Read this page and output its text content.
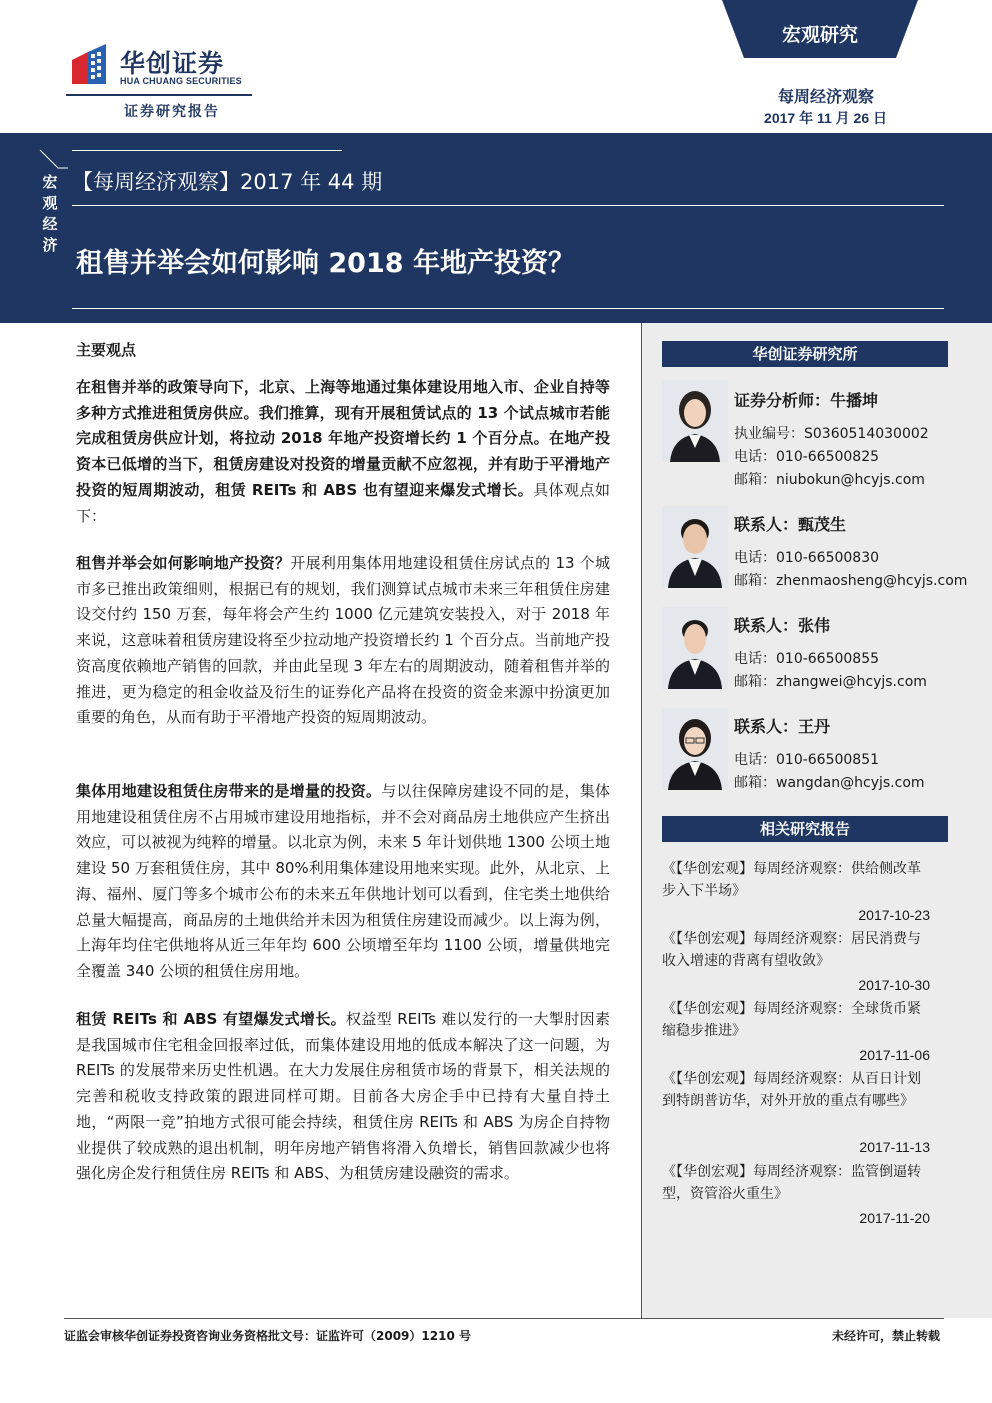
华创证券
HUA CHUANG SECURITIES
证券研究报告
宏观研究
每周经济观察
2017 年 11 月 26 日
宏观经济
【每周经济观察】2017 年 44 期
租售并举会如何影响 2018 年地产投资？
主要观点
在租售并举的政策导向下，北京、上海等地通过集体建设用地入市、企业自持等多种方式推进租赁房供应。我们推算，现有开展租赁试点的 13 个试点城市若能完成租赁房供应计划，将拉动 2018 年地产投资增长约 1 个百分点。在地产投资本已低增的当下，租赁房建设对投资的增量贡献不应忽视，并有助于平滑地产投资的短周期波动，租赁 REITs 和 ABS 也有望迎来爆发式增长。具体观点如下：
租售并举会如何影响地产投资？开展利用集体用地建设租赁住房试点的 13 个城市多已推出政策细则，根据已有的规划，我们测算试点城市未来三年租赁住房建设交付约 150 万套，每年将会产生约 1000 亿元建筑安装投入，对于 2018 年来说，这意味着租赁房建设将至少拉动地产投资增长约 1 个百分点。当前地产投资高度依赖地产销售的回款，并由此呈现 3 年左右的周期波动，随着租售并举的推进，更为稳定的租金收益及衍生的证券化产品将在投资的资金来源中扮演更加重要的角色，从而有助于平滑地产投资的短周期波动。
集体用地建设租赁住房带来的是增量的投资。与以往保障房建设不同的是，集体用地建设租赁住房不占用城市建设用地指标，并不会对商品房土地供应产生挤出效应，可以被视为纯粹的增量。以北京为例，未来 5 年计划供地 1300 公顷土地建设 50 万套租赁住房，其中 80%利用集体建设用地来实现。此外，从北京、上海、福州、厦门等多个城市公布的未来五年供地计划可以看到，住宅类土地供给总量大幅提高，商品房的土地供给并未因为租赁住房建设而减少。以上海为例，上海年均住宅供地将从近三年年均 600 公顷增至年均 1100 公顷，增量供地完全覆盖 340 公顷的租赁住房用地。
租赁 REITs 和 ABS 有望爆发式增长。权益型 REITs 难以发行的一大掣肘因素是我国城市住宅租金回报率过低，而集体建设用地的低成本解决了这一问题，为 REITs 的发展带来历史性机遇。在大力发展住房租赁市场的背景下，相关法规的完善和税收支持政策的跟进同样可期。目前各大房企手中已持有大量自持土地，“两限一竞”拍地方式很可能会持续，租赁住房 REITs 和 ABS 为房企自持物业提供了较成熟的退出机制，明年房地产销售将滑入负增长，销售回款减少也将强化房企发行租赁住房 REITs 和 ABS、为租赁房建设融资的需求。
华创证券研究所
证券分析师：牛播坤
执业编号：S0360514030002
电话：010-66500825
邮箱：niubokun@hcyjs.com
联系人：甄茂生
电话：010-66500830
邮箱：zhenmaosheng@hcyjs.com
联系人：张伟
电话：010-66500855
邮箱：zhangwei@hcyjs.com
联系人：王丹
电话：010-66500851
邮箱：wangdan@hcyjs.com
相关研究报告
《【华创宏观】每周经济观察：供给侧改革步入下半场》
2017-10-23
《【华创宏观】每周经济观察：居民消费与收入增速的背离有望收敛》
2017-10-30
《【华创宏观】每周经济观察：全球货币紧缩稳步推进》
2017-11-06
《【华创宏观】每周经济观察：从百日计划到特朗普访华，对外开放的重点有哪些》
2017-11-13
《【华创宏观】每周经济观察：监管倒逼转型，资管浴火重生》
2017-11-20
证监会审核华创证券投资咨询业务资格批文号：证监许可（2009）1210 号	未经许可，禁止转载
